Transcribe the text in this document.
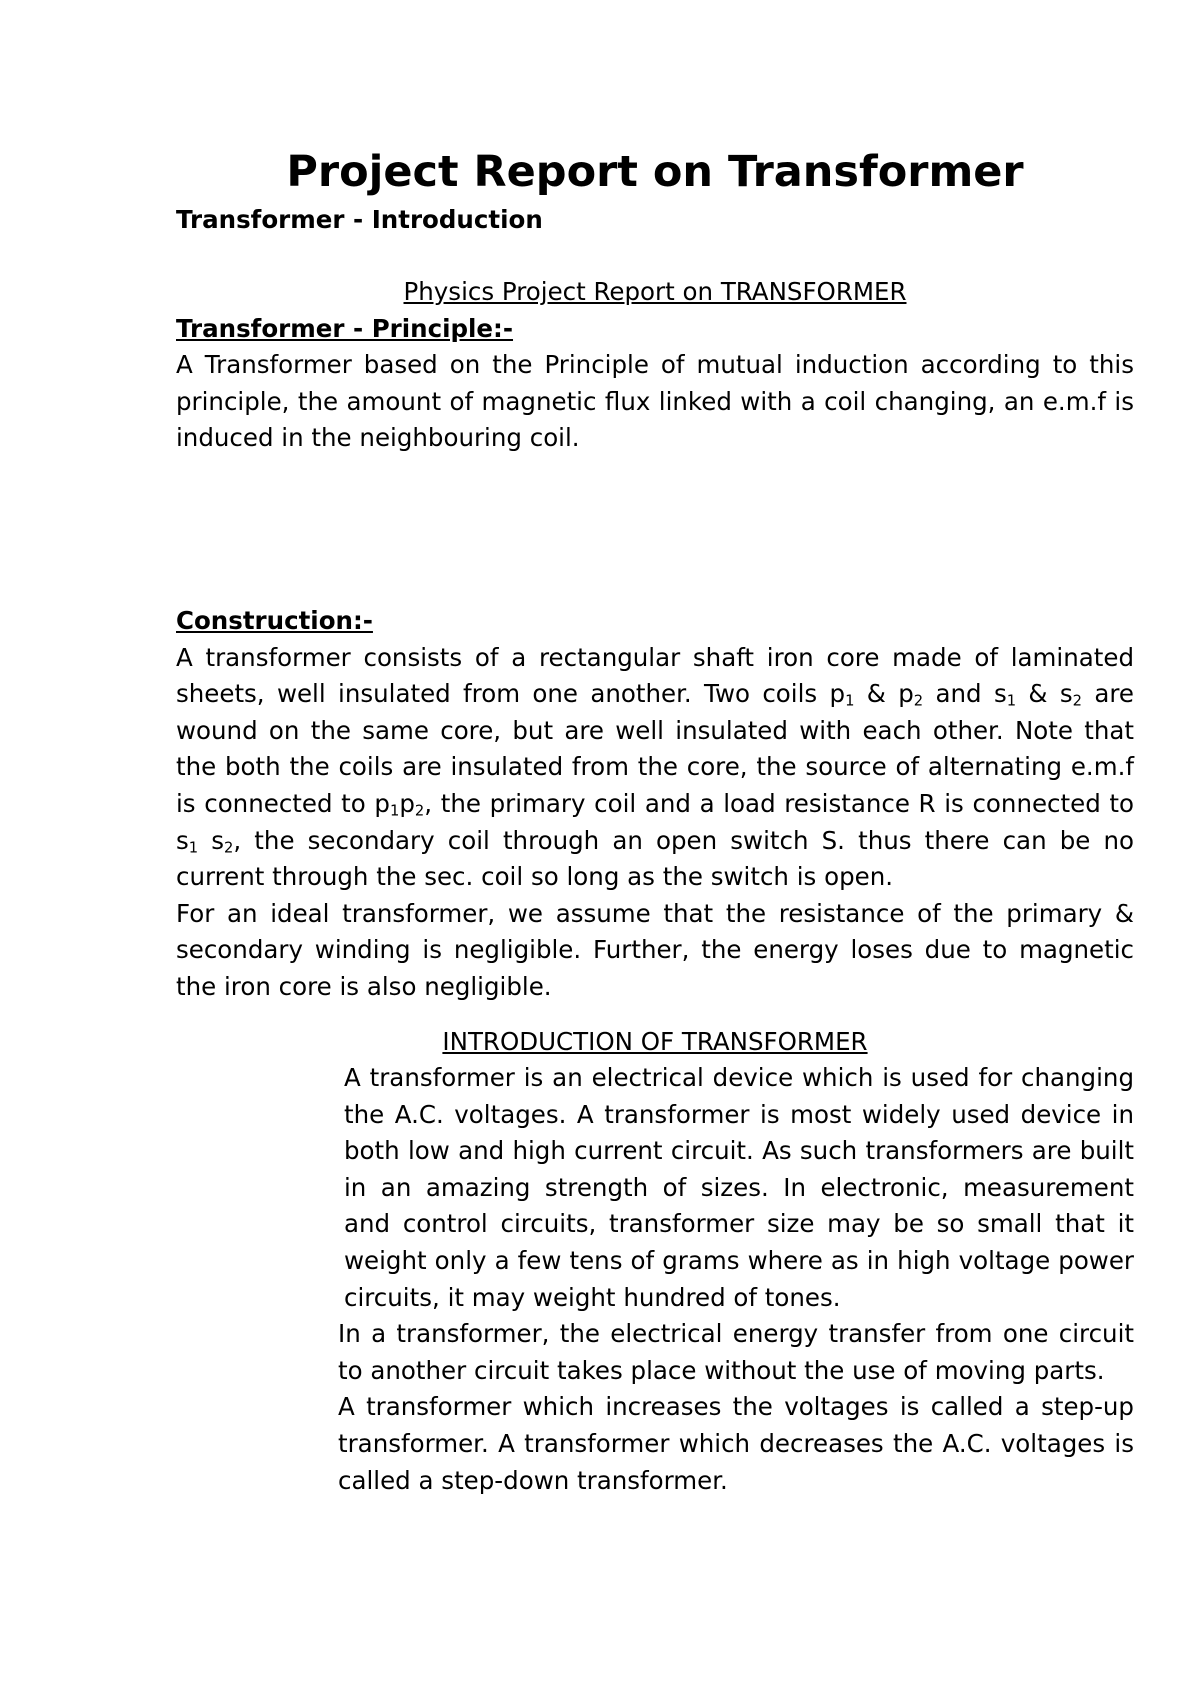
Project Report on Transformer

Transformer - Introduction

Physics Project Report on TRANSFORMER

Transformer - Principle:-

A Transformer based on the Principle of mutual induction according to this principle, the amount of magnetic flux linked with a coil changing, an e.m.f is induced in the neighbouring coil.

Construction:-

A transformer consists of a rectangular shaft iron core made of laminated sheets, well insulated from one another. Two coils $p_1$ & $p_2$ and $s_1$ & $s_2$ are wound on the same core, but are well insulated with each other. Note that the both the coils are insulated from the core, the source of alternating e.m.f is connected to $p_1p_2$, the primary coil and a load resistance R is connected to $s_1$ $s_2$, the secondary coil through an open switch S. thus there can be no current through the sec. coil so long as the switch is open.

For an ideal transformer, we assume that the resistance of the primary & secondary winding is negligible. Further, the energy loses due to magnetic the iron core is also negligible.

INTRODUCTION OF TRANSFORMER

A transformer is an electrical device which is used for changing the A.C. voltages. A transformer is most widely used device in both low and high current circuit. As such transformers are built in an amazing strength of sizes. In electronic, measurement and control circuits, transformer size may be so small that it weight only a few tens of grams where as in high voltage power circuits, it may weight hundred of tones.

In a transformer, the electrical energy transfer from one circuit to another circuit takes place without the use of moving parts.

A transformer which increases the voltages is called a step-up transformer. A transformer which decreases the A.C. voltages is called a step-down transformer.
